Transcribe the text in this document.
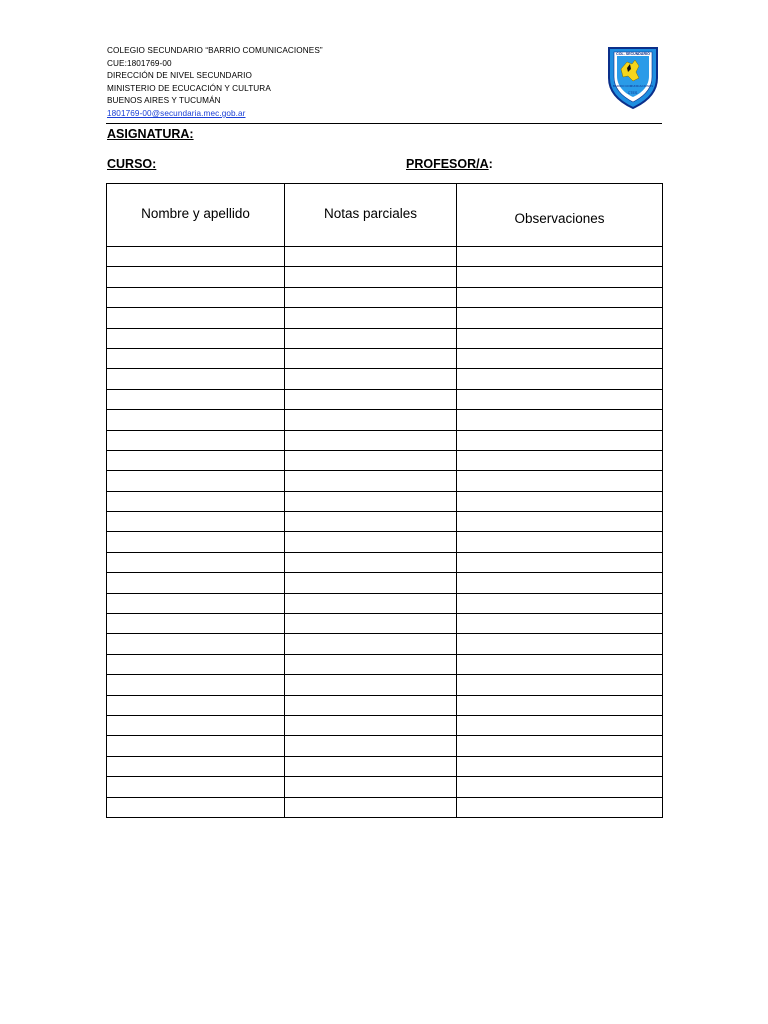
COLEGIO SECUNDARIO “BARRIO COMUNICACIONES”
CUE:1801769-00
DIRECCIÓN DE NIVEL SECUNDARIO
MINISTERIO DE ECUCACIÓN Y CULTURA
BUENOS AIRES Y TUCUMÁN
1801769-00@secundaria.mec.gob.ar
COL. SECUNDARIO
BARRIO COMUNICACIONES
CTES.
ASIGNATURA:
CURSO:	PROFESOR/A:
Nombre y apellido	Notas parciales	Observaciones
